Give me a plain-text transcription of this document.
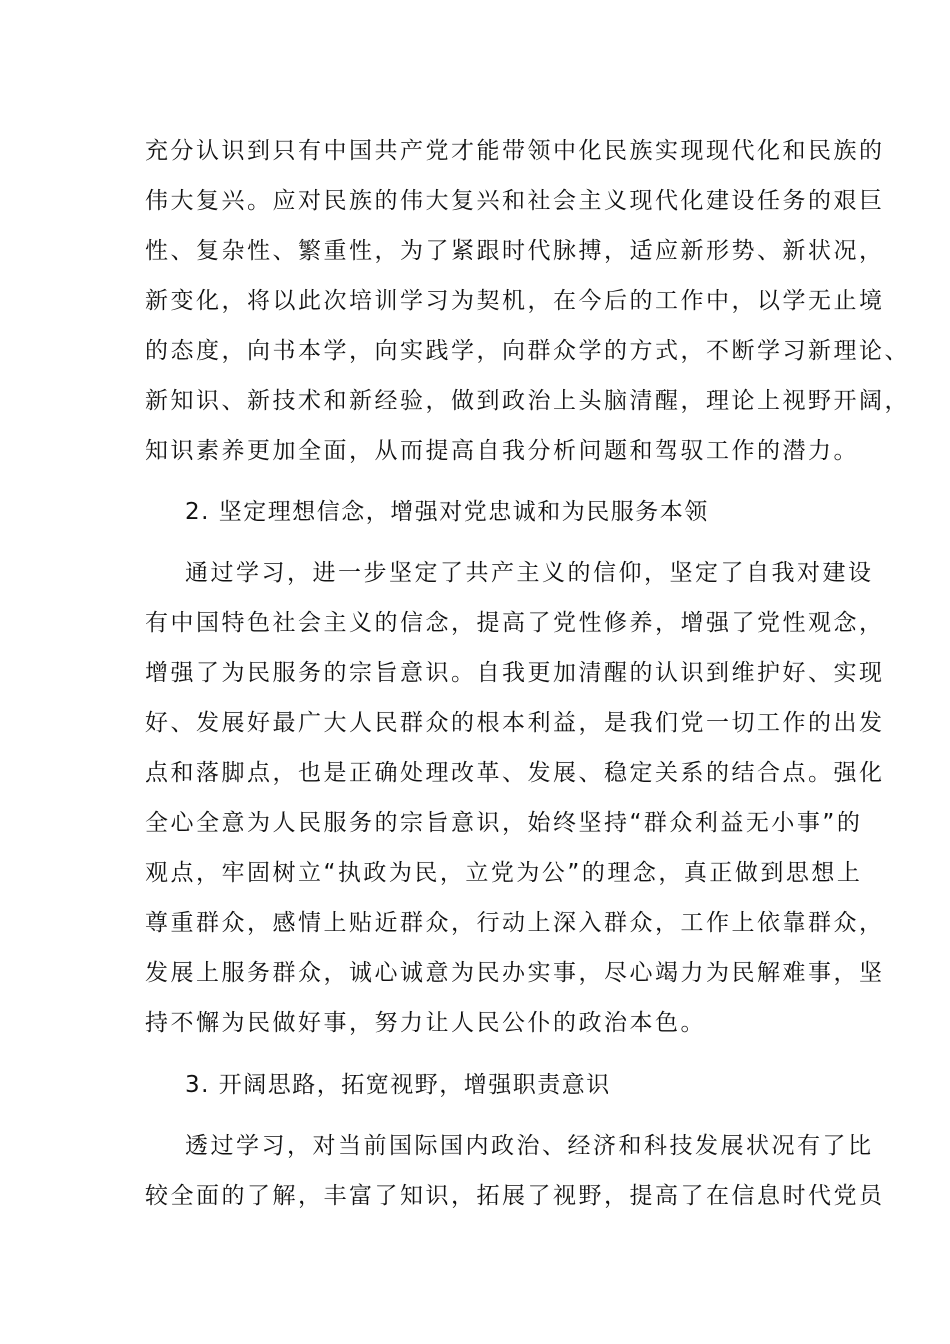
充分认识到只有中国共产党才能带领中化民族实现现代化和民族的
伟大复兴。应对民族的伟大复兴和社会主义现代化建设任务的艰巨
性、复杂性、繁重性，为了紧跟时代脉搏，适应新形势、新状况，
新变化，将以此次培训学习为契机，在今后的工作中，以学无止境
的态度，向书本学，向实践学，向群众学的方式，不断学习新理论、
新知识、新技术和新经验，做到政治上头脑清醒，理论上视野开阔，
知识素养更加全面，从而提高自我分析问题和驾驭工作的潜力。
2. 坚定理想信念，增强对党忠诚和为民服务本领
通过学习，进一步坚定了共产主义的信仰，坚定了自我对建设
有中国特色社会主义的信念，提高了党性修养，增强了党性观念，
增强了为民服务的宗旨意识。自我更加清醒的认识到维护好、实现
好、发展好最广大人民群众的根本利益，是我们党一切工作的出发
点和落脚点，也是正确处理改革、发展、稳定关系的结合点。强化
全心全意为人民服务的宗旨意识，始终坚持“群众利益无小事”的
观点，牢固树立“执政为民，立党为公”的理念，真正做到思想上
尊重群众，感情上贴近群众，行动上深入群众，工作上依靠群众，
发展上服务群众，诚心诚意为民办实事，尽心竭力为民解难事，坚
持不懈为民做好事，努力让人民公仆的政治本色。
3. 开阔思路，拓宽视野，增强职责意识
透过学习，对当前国际国内政治、经济和科技发展状况有了比
较全面的了解，丰富了知识，拓展了视野，提高了在信息时代党员
